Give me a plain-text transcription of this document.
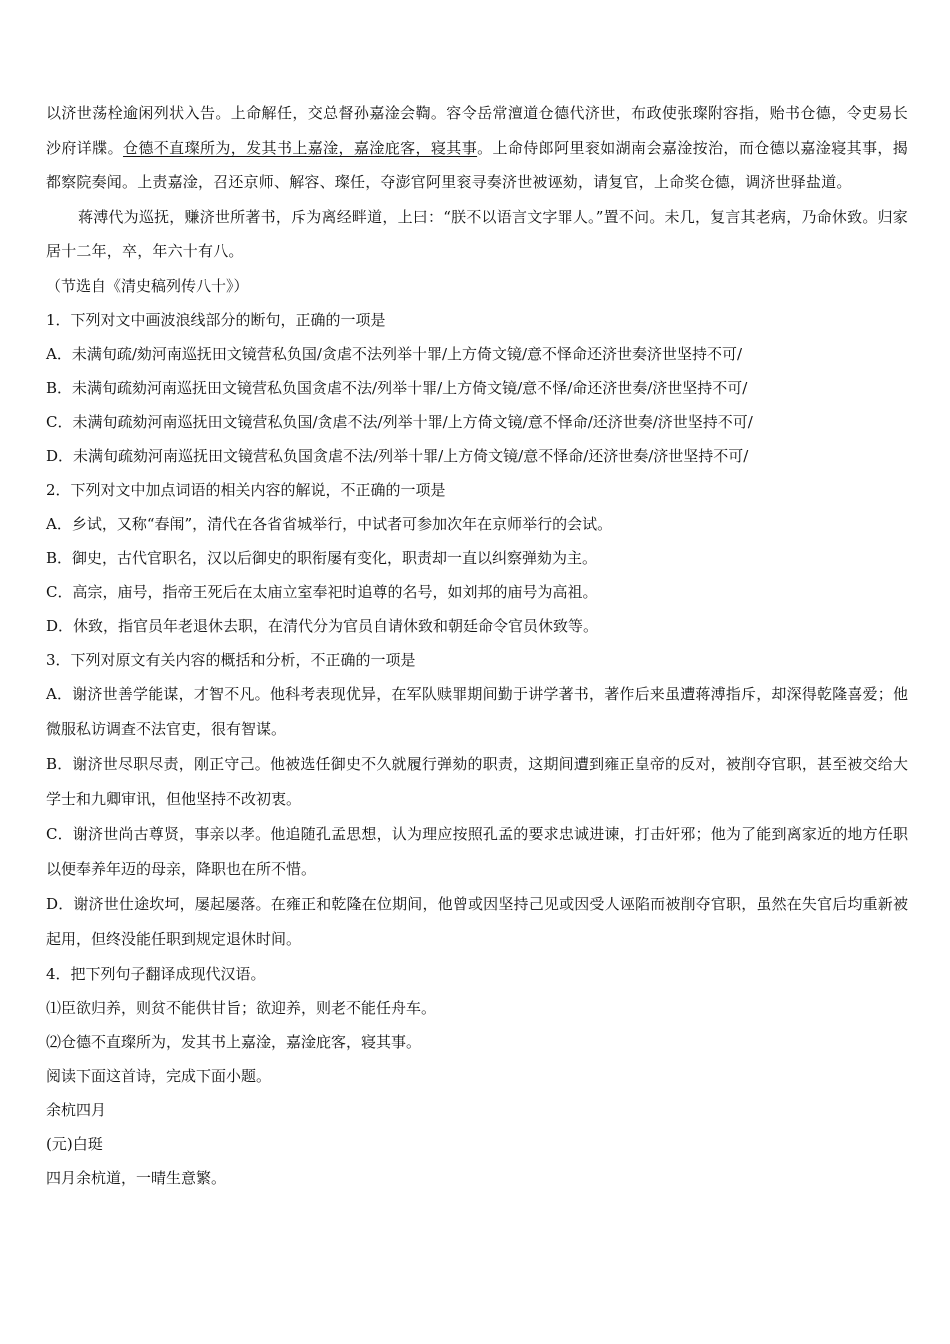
以济世荡栓逾闲列状入告。上命解任，交总督孙嘉淦会鞫。容令岳常澶道仓德代济世，布政使张璨附容指，贻书仓德，令吏易长沙府详牒。仓德不直璨所为，发其书上嘉淦，嘉淦庇客，寝其事。上命侍郎阿里衮如湖南会嘉淦按治，而仓德以嘉淦寝其事，揭都察院奏闻。上责嘉淦，召还京师、解容、璨任，夺澎官阿里衮寻奏济世被诬劾，请复官，上命奖仓德，调济世驿盐道。
蒋溥代为巡抚，赚济世所著书，斥为离经畔道，上曰：“朕不以语言文字罪人。”置不问。未几，复言其老病，乃命休致。归家居十二年，卒，年六十有八。
（节选自《清史稿列传八十》）
1．下列对文中画波浪线部分的断句，正确的一项是
A．未满旬疏/劾河南巡抚田文镜营私负国/贪虐不法列举十罪/上方倚文镜/意不怿命还济世奏济世坚持不可/
B．未满旬疏劾河南巡抚田文镜营私负国贪虐不法/列举十罪/上方倚文镜/意不怿/命还济世奏/济世坚持不可/
C．未满旬疏劾河南巡抚田文镜营私负国/贪虐不法/列举十罪/上方倚文镜/意不怿命/还济世奏/济世坚持不可/
D．未满旬疏劾河南巡抚田文镜营私负国贪虐不法/列举十罪/上方倚文镜/意不怿命/还济世奏/济世坚持不可/
2．下列对文中加点词语的相关内容的解说，不正确的一项是
A．乡试，又称“春闱”，清代在各省省城举行，中试者可参加次年在京师举行的会试。
B．御史，古代官职名，汉以后御史的职衔屡有变化，职责却一直以纠察弹劾为主。
C．高宗，庙号，指帝王死后在太庙立室奉祀时追尊的名号，如刘邦的庙号为高祖。
D．休致，指官员年老退休去职，在清代分为官员自请休致和朝廷命令官员休致等。
3．下列对原文有关内容的概括和分析，不正确的一项是
A．谢济世善学能谋，才智不凡。他科考表现优异，在军队赎罪期间勤于讲学著书，著作后来虽遭蒋溥指斥，却深得乾隆喜爱；他微服私访调查不法官吏，很有智谋。
B．谢济世尽职尽责，刚正守己。他被选任御史不久就履行弹劾的职责，这期间遭到雍正皇帝的反对，被削夺官职，甚至被交给大学士和九卿审讯，但他坚持不改初衷。
C．谢济世尚古尊贤，事亲以孝。他追随孔孟思想，认为理应按照孔孟的要求忠诚进谏，打击奸邪；他为了能到离家近的地方任职以便奉养年迈的母亲，降职也在所不惜。
D．谢济世仕途坎坷，屡起屡落。在雍正和乾隆在位期间，他曾或因坚持己见或因受人诬陷而被削夺官职，虽然在失官后均重新被起用，但终没能任职到规定退休时间。
4．把下列句子翻译成现代汉语。
⑴臣欲归养，则贫不能供甘旨；欲迎养，则老不能任舟车。
⑵仓德不直璨所为，发其书上嘉淦，嘉淦庇客，寝其事。
阅读下面这首诗，完成下面小题。
余杭四月
(元)白珽
四月余杭道，一晴生意繁。
